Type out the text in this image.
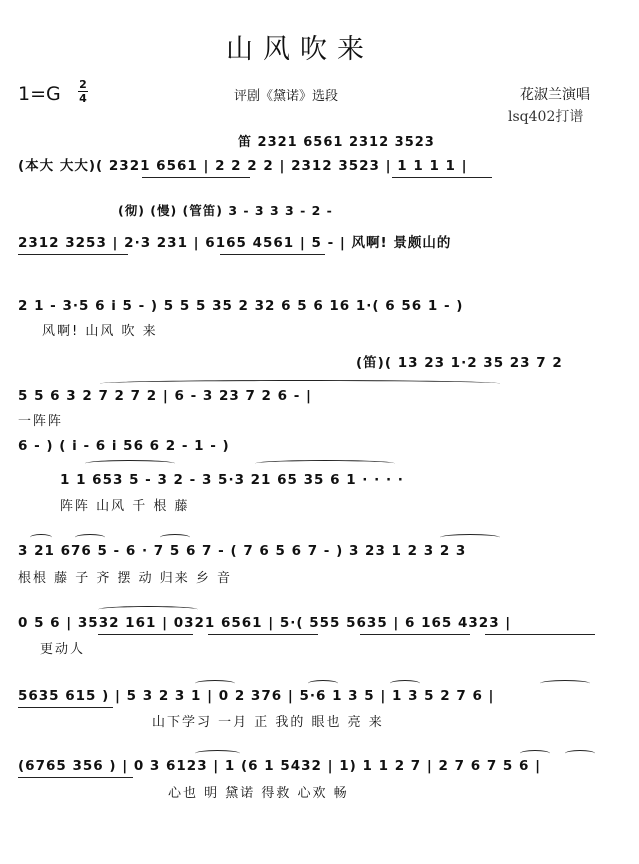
山风吹来
1=G 2
4	评剧《黛诺》选段	花淑兰演唱
lsq402打谱
笛 2321 6561 2312 3523
(本大 大大)( 2321 6561 | 2 2 2 2 | 2312 3523 | 1 1 1 1 |
(彻) (慢) (管笛) 3 - 3 3 3 - 2 -
2312 3253 | 2·3 231 | 6165 4561 | 5 - | 风啊! 景颇山的
2 1 - 3·5 6 i 5 - ) 5 5 5 35 2 32 6 5 6 16 1·( 6 56 1 - )
风啊! 山风 吹 来
(笛)( 13 23 1·2 35 23 7 2
5 5 6 3 2 7 2 7 2 | 6 - 3 23 7 2 6 - |
一阵阵
6 - ) ( i - 6 i 56 6 2 - 1 - )
1 1 653 5 - 3 2 - 3 5·3 21 65 35 6 1 · · · ·
阵阵 山风 千 根 藤
3 21 676 5 - 6 · 7 5 6 7 - ( 7 6 5 6 7 - ) 3 23 1 2 3 2 3
根根 藤 子 齐 摆 动 归来 乡 音
0 5 6 | 3532 161 | 0321 6561 | 5·( 555 5635 | 6 165 4323 |
更动人
5635 615 ) | 5 3 2 3 1 | 0 2 376 | 5·6 1 3 5 | 1 3 5 2 7 6 |
山下学习 一月 正 我的 眼也 亮 来
(6765 356 ) | 0 3 6123 | 1 (6 1 5432 | 1) 1 1 2 7 | 2 7 6 7 5 6 |
心也 明 黛诺 得救 心欢 畅
